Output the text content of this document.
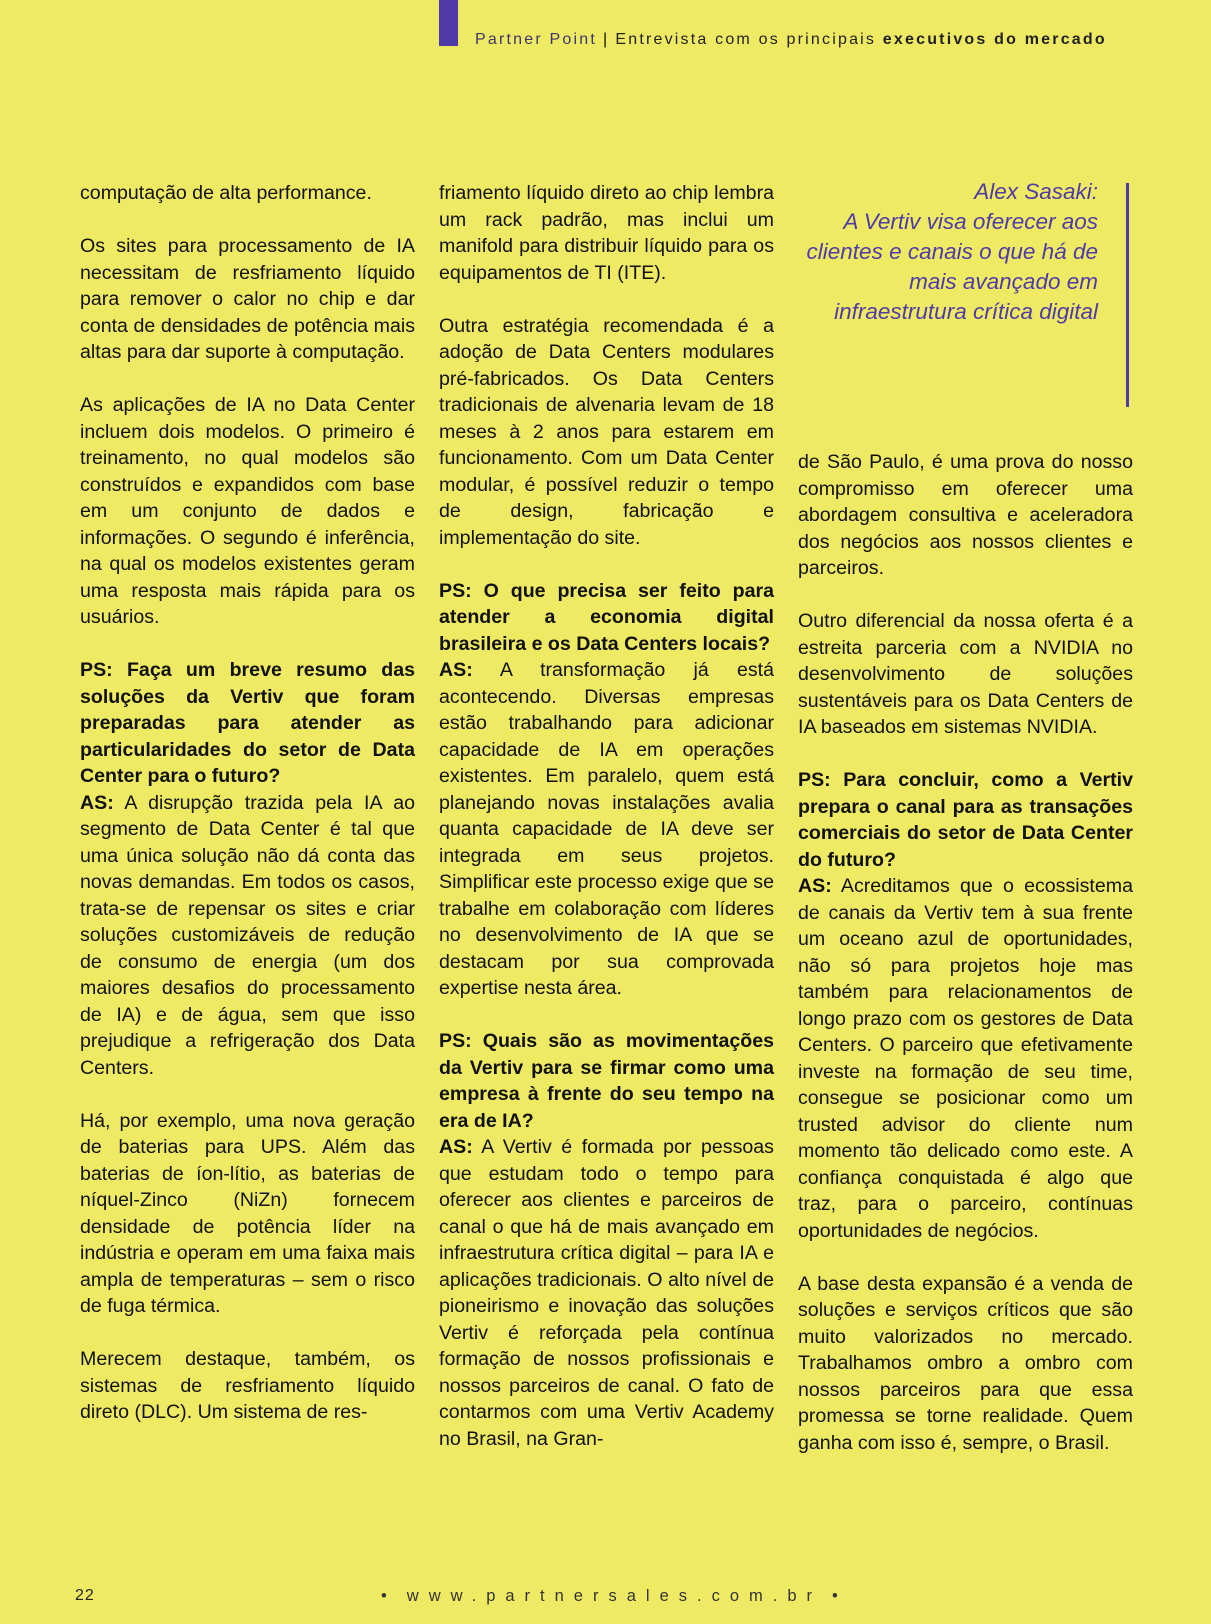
Partner Point | Entrevista com os principais executivos do mercado

computação de alta performance.

Os sites para processamento de IA necessitam de resfriamento líquido para remover o calor no chip e dar conta de densidades de potência mais altas para dar suporte à computação.

As aplicações de IA no Data Center incluem dois modelos. O primeiro é treinamento, no qual modelos são construídos e expandidos com base em um conjunto de dados e informações. O segundo é inferência, na qual os modelos existentes geram uma resposta mais rápida para os usuários.

PS: Faça um breve resumo das soluções da Vertiv que foram preparadas para atender as particularidades do setor de Data Center para o futuro?

AS: A disrupção trazida pela IA ao segmento de Data Center é tal que uma única solução não dá conta das novas demandas. Em todos os casos, trata-se de repensar os sites e criar soluções customizáveis de redução de consumo de energia (um dos maiores desafios do processamento de IA) e de água, sem que isso prejudique a refrigeração dos Data Centers.

Há, por exemplo, uma nova geração de baterias para UPS. Além das baterias de íon-lítio, as baterias de níquel-Zinco (NiZn) fornecem densidade de potência líder na indústria e operam em uma faixa mais ampla de temperaturas – sem o risco de fuga térmica.

Merecem destaque, também, os sistemas de resfriamento líquido direto (DLC). Um sistema de res-

friamento líquido direto ao chip lembra um rack padrão, mas inclui um manifold para distribuir líquido para os equipamentos de TI (ITE).

Outra estratégia recomendada é a adoção de Data Centers modulares pré-fabricados. Os Data Centers tradicionais de alvenaria levam de 18 meses à 2 anos para estarem em funcionamento. Com um Data Center modular, é possível reduzir o tempo de design, fabricação e implementação do site.

PS: O que precisa ser feito para atender a economia digital brasileira e os Data Centers locais?

AS: A transformação já está acontecendo. Diversas empresas estão trabalhando para adicionar capacidade de IA em operações existentes. Em paralelo, quem está planejando novas instalações avalia quanta capacidade de IA deve ser integrada em seus projetos. Simplificar este processo exige que se trabalhe em colaboração com líderes no desenvolvimento de IA que se destacam por sua comprovada expertise nesta área.

PS: Quais são as movimentações da Vertiv para se firmar como uma empresa à frente do seu tempo na era de IA?

AS: A Vertiv é formada por pessoas que estudam todo o tempo para oferecer aos clientes e parceiros de canal o que há de mais avançado em infraestrutura crítica digital – para IA e aplicações tradicionais. O alto nível de pioneirismo e inovação das soluções Vertiv é reforçada pela contínua formação de nossos profissionais e nossos parceiros de canal. O fato de contarmos com uma Vertiv Academy no Brasil, na Gran-

Alex Sasaki:
A Vertiv visa oferecer aos clientes e canais o que há de mais avançado em infraestrutura crítica digital

de São Paulo, é uma prova do nosso compromisso em oferecer uma abordagem consultiva e aceleradora dos negócios aos nossos clientes e parceiros.

Outro diferencial da nossa oferta é a estreita parceria com a NVIDIA no desenvolvimento de soluções sustentáveis para os Data Centers de IA baseados em sistemas NVIDIA.

PS: Para concluir, como a Vertiv prepara o canal para as transações comerciais do setor de Data Center do futuro?

AS: Acreditamos que o ecossistema de canais da Vertiv tem à sua frente um oceano azul de oportunidades, não só para projetos hoje mas também para relacionamentos de longo prazo com os gestores de Data Centers. O parceiro que efetivamente investe na formação de seu time, consegue se posicionar como um trusted advisor do cliente num momento tão delicado como este. A confiança conquistada é algo que traz, para o parceiro, contínuas oportunidades de negócios.

A base desta expansão é a venda de soluções e serviços críticos que são muito valorizados no mercado. Trabalhamos ombro a ombro com nossos parceiros para que essa promessa se torne realidade. Quem ganha com isso é, sempre, o Brasil.

22	• www.partnersales.com.br •
